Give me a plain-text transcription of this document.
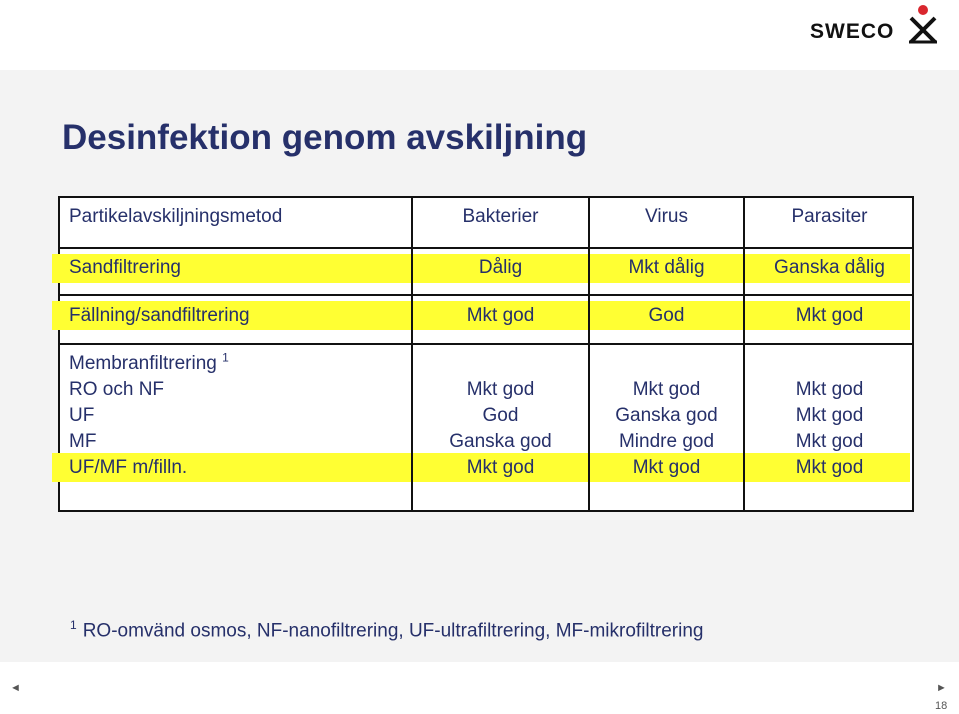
SWECO
Desinfektion genom avskiljning
Partikelavskiljningsmetod	Bakterier	Virus	Parasiter
Sandfiltrering	Dålig	Mkt dålig	Ganska dålig
Fällning/sandfiltrering	Mkt god	God	Mkt god
Membranfiltrering $^1$
RO och NF	Mkt god	Mkt god	Mkt god
UF	God	Ganska god	Mkt god
MF	Ganska god	Mindre god	Mkt god
UF/MF m/filln.	Mkt god	Mkt god	Mkt god
$^1$ RO-omvänd osmos, NF-nanofiltrering, UF-ultrafiltrering, MF-mikrofiltrering
◄	►
18
